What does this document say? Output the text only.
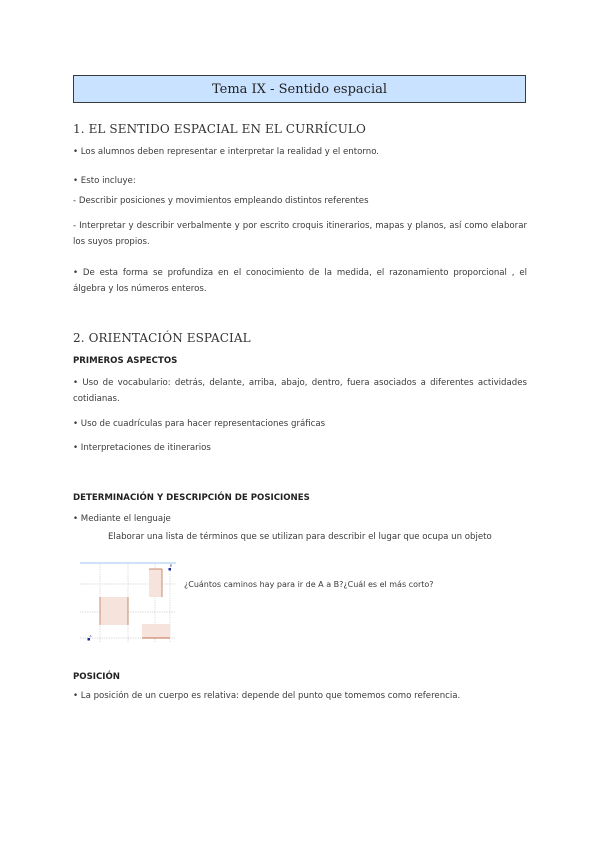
Tema IX - Sentido espacial
1. EL SENTIDO ESPACIAL EN EL CURRÍCULO
• Los alumnos deben representar e interpretar la realidad y el entorno.
• Esto incluye:
- Describir posiciones y movimientos empleando distintos referentes
- Interpretar y describir verbalmente y por escrito croquis itinerarios, mapas y planos, así como elaborar los suyos propios.
• De esta forma se profundiza en el conocimiento de la medida, el razonamiento proporcional , el álgebra y los números enteros.
2. ORIENTACIÓN ESPACIAL
PRIMEROS ASPECTOS
• Uso de vocabulario: detrás, delante, arriba, abajo, dentro, fuera asociados a diferentes actividades cotidianas.
• Uso de cuadrículas para hacer representaciones gráficas
• Interpretaciones de itinerarios
DETERMINACIÓN Y DESCRIPCIÓN DE POSICIONES
• Mediante el lenguaje
Elaborar una lista de términos que se utilizan para describir el lugar que ocupa un objeto
B
A
¿Cuántos caminos hay para ir de A a B?¿Cuál es el más corto?
POSICIÓN
• La posición de un cuerpo es relativa: depende del punto que tomemos como referencia.
